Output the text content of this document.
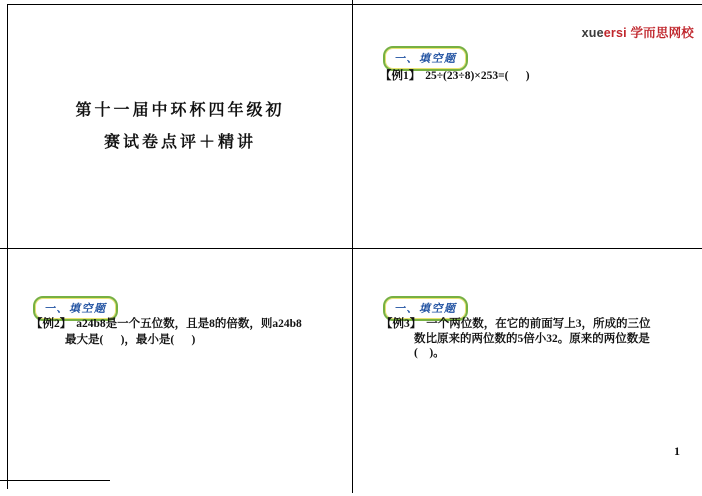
xueersi 学而思网校
第十一届中环杯四年级初
赛试卷点评＋精讲
一、填空题
【例1】 25÷(23÷8)×253=(      )
一、填空题
【例2】 a24b8是一个五位数，且是8的倍数，则a24b8
最大是(      )，最小是(      )
一、填空题
【例3】 一个两位数，在它的前面写上3，所成的三位
数比原来的两位数的5倍小32。原来的两位数是
(    )。
1
